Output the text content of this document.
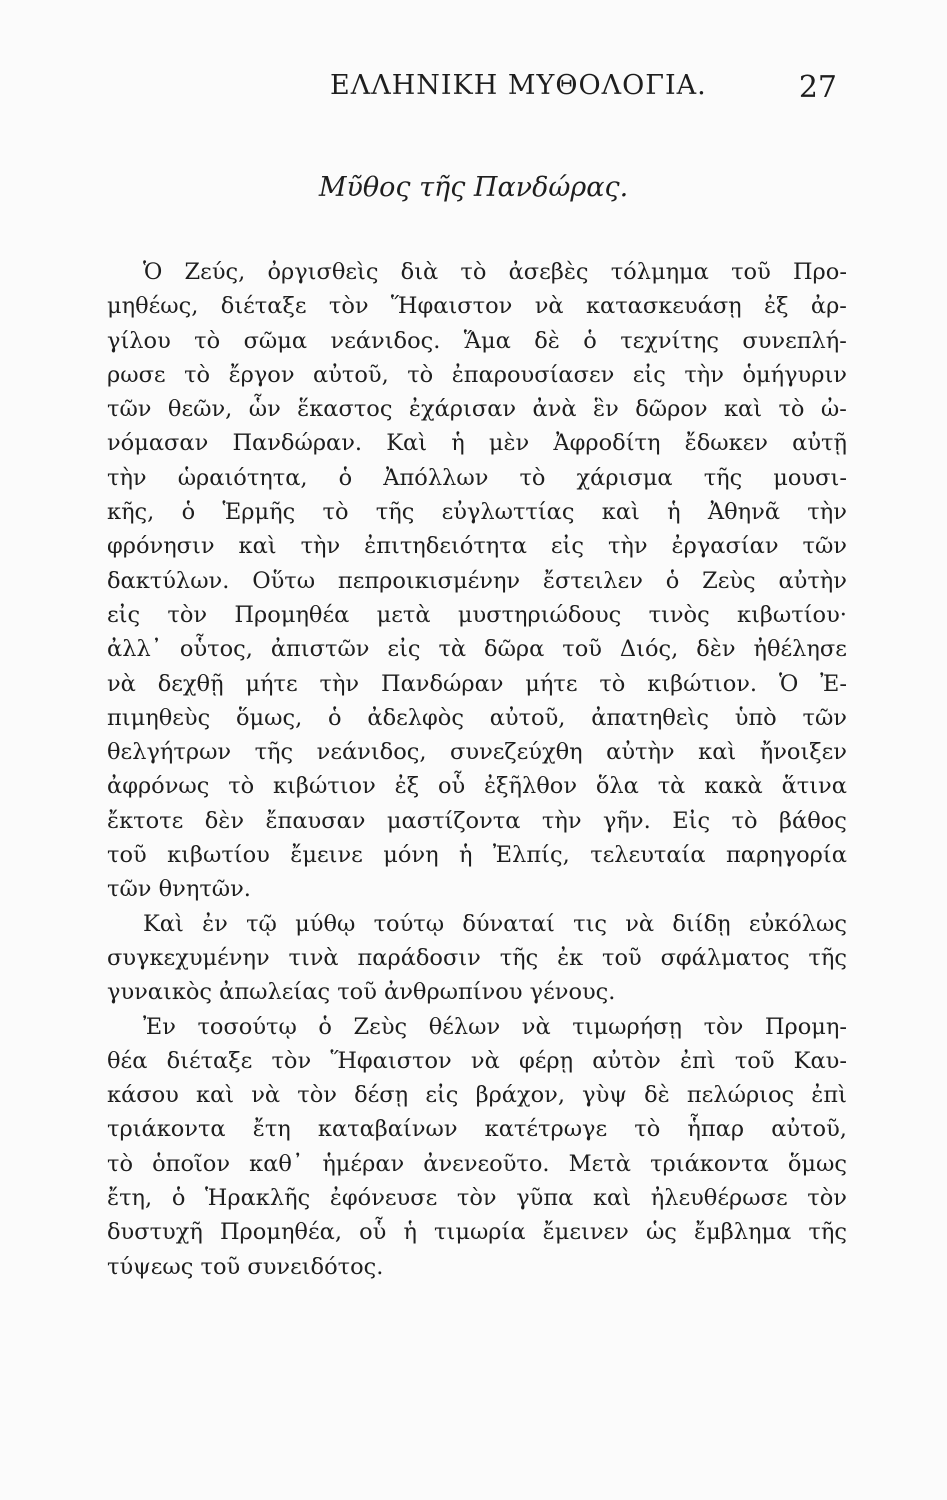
ΕΛΛΗΝΙΚΗ ΜΥΘΟΛΟΓΙΑ.	27
Μῦθος τῆς Πανδώρας.
Ὁ Ζεύς, ὀργισθεὶς διὰ τὸ ἀσεβὲς τόλμημα τοῦ Προ-
μηθέως, διέταξε τὸν Ἥφαιστον νὰ κατασκευάσῃ ἐξ ἀρ-
γίλου τὸ σῶμα νεάνιδος. Ἅμα δὲ ὁ τεχνίτης συνεπλή-
ρωσε τὸ ἔργον αὐτοῦ, τὸ ἐπαρουσίασεν εἰς τὴν ὁμήγυριν
τῶν θεῶν, ὧν ἕκαστος ἐχάρισαν ἀνὰ ἓν δῶρον καὶ τὸ ὠ-
νόμασαν Πανδώραν. Καὶ ἡ μὲν Ἀφροδίτη ἔδωκεν αὐτῇ
τὴν ὡραιότητα, ὁ Ἀπόλλων τὸ χάρισμα τῆς μουσι-
κῆς, ὁ Ἑρμῆς τὸ τῆς εὐγλωττίας καὶ ἡ Ἀθηνᾶ τὴν
φρόνησιν καὶ τὴν ἐπιτηδειότητα εἰς τὴν ἐργασίαν τῶν
δακτύλων. Οὕτω πεπροικισμένην ἔστειλεν ὁ Ζεὺς αὐτὴν
εἰς τὸν Προμηθέα μετὰ μυστηριώδους τινὸς κιβωτίου·
ἀλλ᾽ οὗτος, ἀπιστῶν εἰς τὰ δῶρα τοῦ Διός, δὲν ἠθέλησε
νὰ δεχθῇ μήτε τὴν Πανδώραν μήτε τὸ κιβώτιον. Ὁ Ἐ-
πιμηθεὺς ὅμως, ὁ ἀδελφὸς αὐτοῦ, ἀπατηθεὶς ὑπὸ τῶν
θελγήτρων τῆς νεάνιδος, συνεζεύχθη αὐτὴν καὶ ἤνοιξεν
ἀφρόνως τὸ κιβώτιον ἐξ οὗ ἐξῆλθον ὅλα τὰ κακὰ ἅτινα
ἔκτοτε δὲν ἔπαυσαν μαστίζοντα τὴν γῆν. Εἰς τὸ βάθος
τοῦ κιβωτίου ἔμεινε μόνη ἡ Ἐλπίς, τελευταία παρηγορία
τῶν θνητῶν.
Καὶ ἐν τῷ μύθῳ τούτῳ δύναταί τις νὰ διίδῃ εὐκόλως
συγκεχυμένην τινὰ παράδοσιν τῆς ἐκ τοῦ σφάλματος τῆς
γυναικὸς ἀπωλείας τοῦ ἀνθρωπίνου γένους.
Ἐν τοσούτῳ ὁ Ζεὺς θέλων νὰ τιμωρήσῃ τὸν Προμη-
θέα διέταξε τὸν Ἥφαιστον νὰ φέρῃ αὐτὸν ἐπὶ τοῦ Καυ-
κάσου καὶ νὰ τὸν δέσῃ εἰς βράχον, γὺψ δὲ πελώριος ἐπὶ
τριάκοντα ἔτη καταβαίνων κατέτρωγε τὸ ἧπαρ αὐτοῦ,
τὸ ὁποῖον καθ᾽ ἡμέραν ἀνενεοῦτο. Μετὰ τριάκοντα ὅμως
ἔτη, ὁ Ἡρακλῆς ἐφόνευσε τὸν γῦπα καὶ ἠλευθέρωσε τὸν
δυστυχῆ Προμηθέα, οὗ ἡ τιμωρία ἔμεινεν ὡς ἔμβλημα τῆς
τύψεως τοῦ συνειδότος.
